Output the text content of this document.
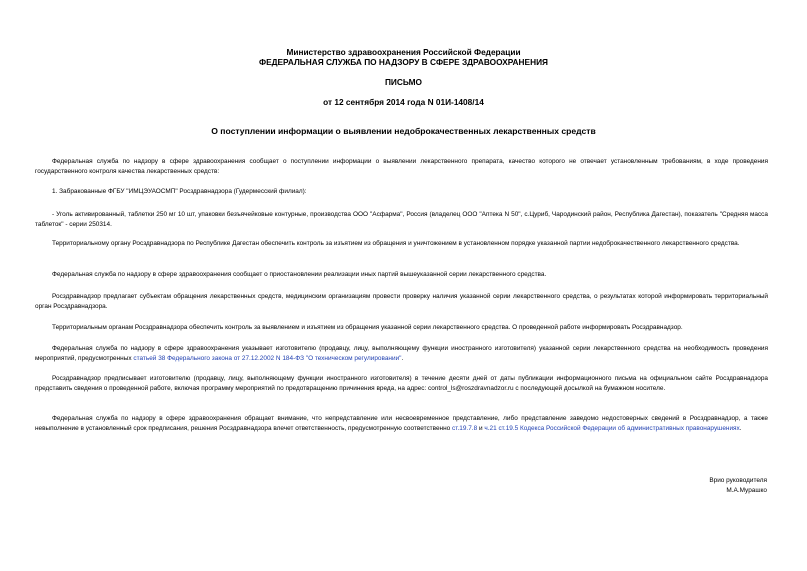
Министерство здравоохранения Российской Федерации
ФЕДЕРАЛЬНАЯ СЛУЖБА ПО НАДЗОРУ В СФЕРЕ ЗДРАВООХРАНЕНИЯ
ПИСЬМО
от 12 сентября 2014 года N 01И-1408/14
О поступлении информации о выявлении недоброкачественных лекарственных средств

Федеральная служба по надзору в сфере здравоохранения сообщает о поступлении информации о выявлении лекарственного препарата, качество которого не отвечает установленным требованиям, в ходе проведения государственного контроля качества лекарственных средств:

1. Забракованные ФГБУ "ИМЦЭУАОСМП" Росздравнадзора (Гудермесский филиал):

- Уголь активированный, таблетки 250 мг 10 шт, упаковки безъячейковые контурные, производства ООО "Асфарма", Россия (владелец ООО "Аптека N 50", с.Цуриб, Чародинский район, Республика Дагестан), показатель "Средняя масса таблеток" - серии 250314.

Территориальному органу Росздравнадзора по Республике Дагестан обеспечить контроль за изъятием из обращения и уничтожением в установленном порядке указанной партии недоброкачественного лекарственного средства.

Федеральная служба по надзору в сфере здравоохранения сообщает о приостановлении реализации иных партий вышеуказанной серии лекарственного средства.

Росздравнадзор предлагает субъектам обращения лекарственных средств, медицинским организациям провести проверку наличия указанной серии лекарственного средства, о результатах которой информировать территориальный орган Росздравнадзора.

Территориальным органам Росздравнадзора обеспечить контроль за выявлением и изъятием из обращения указанной серии лекарственного средства. О проведенной работе информировать Росздравнадзор.

Федеральная служба по надзору в сфере здравоохранения указывает изготовителю (продавцу, лицу, выполняющему функции иностранного изготовителя) указанной серии лекарственного средства на необходимость проведения мероприятий, предусмотренных статьей 38 Федерального закона от 27.12.2002 N 184-ФЗ "О техническом регулировании".

Росздравнадзор предписывает изготовителю (продавцу, лицу, выполняющему функции иностранного изготовителя) в течение десяти дней от даты публикации информационного письма на официальном сайте Росздравнадзора представить сведения о проведенной работе, включая программу мероприятий по предотвращению причинения вреда, на адрес: control_ls@roszdravnadzor.ru с последующей досылкой на бумажном носителе.

Федеральная служба по надзору в сфере здравоохранения обращает внимание, что непредставление или несвоевременное представление, либо представление заведомо недостоверных сведений в Росздравнадзор, а также невыполнение в установленный срок предписания, решения Росздравнадзора влечет ответственность, предусмотренную соответственно ст.19.7.8 и ч.21 ст.19.5 Кодекса Российской Федерации об административных правонарушениях.

Врио руководителя
М.А.Мурашко
